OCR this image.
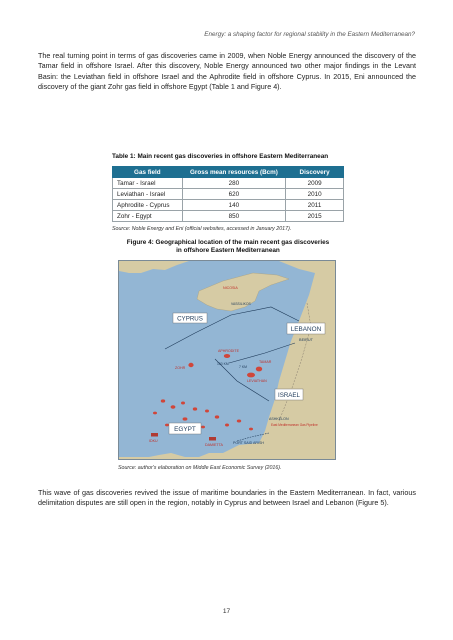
Energy: a shaping factor for regional stability in the Eastern Mediterranean?

The real turning point in terms of gas discoveries came in 2009, when Noble Energy announced the discovery of the Tamar field in offshore Israel. After this discovery, Noble Energy announced two other major findings in the Levant Basin: the Leviathan field in offshore Israel and the Aphrodite field in offshore Cyprus. In 2015, Eni announced the discovery of the giant Zohr gas field in offshore Egypt (Table 1 and Figure 4).

Table 1: Main recent gas discoveries in offshore Eastern Mediterranean
Gas field	Gross mean resources (Bcm)	Discovery
Tamar - Israel	280	2009
Leviathan - Israel	620	2010
Aphrodite - Cyprus	140	2011
Zohr - Egypt	850	2015
Source: Noble Energy and Eni (official websites, accessed in January 2017).
Figure 4: Geographical location of the main recent gas discoveries
in offshore Eastern Mediterranean
CYPRUS
LEBANON
BEIRUT
ISRAEL
EGYPT
NICOSIA
VASSILIKOS
APHRODITE
ZOHR
TAMAR
LEVIATHAN
150 KM
7 KM
ASHKELON
East Mediterranean Gas Pipeline
IDKU
DAMIETTA	PORT SAID ARISH
Source: author's elaboration on Middle East Economic Survey (2016).

This wave of gas discoveries revived the issue of maritime boundaries in the Eastern Mediterranean. In fact, various delimitation disputes are still open in the region, notably in Cyprus and between Israel and Lebanon (Figure 5).

17
